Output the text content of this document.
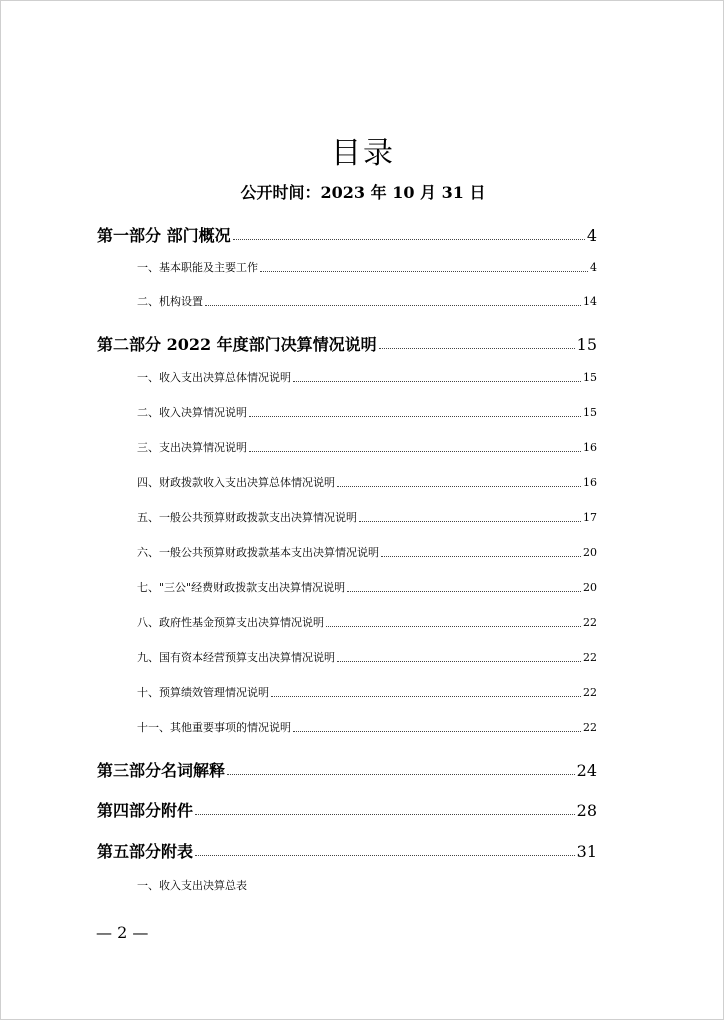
目录
公开时间：2023 年 10 月 31 日
第一部分 部门概况	4
一、基本职能及主要工作	4
二、机构设置	14
第二部分 2022 年度部门决算情况说明	15
一、收入支出决算总体情况说明	15
二、收入决算情况说明	15
三、支出决算情况说明	16
四、财政拨款收入支出决算总体情况说明	16
五、一般公共预算财政拨款支出决算情况说明	17
六、一般公共预算财政拨款基本支出决算情况说明	20
七、"三公"经费财政拨款支出决算情况说明	20
八、政府性基金预算支出决算情况说明	22
九、国有资本经营预算支出决算情况说明	22
十、预算绩效管理情况说明	22
十一、其他重要事项的情况说明	22
第三部分名词解释	24
第四部分附件	28
第五部分附表	31
一、收入支出决算总表
— 2 —
